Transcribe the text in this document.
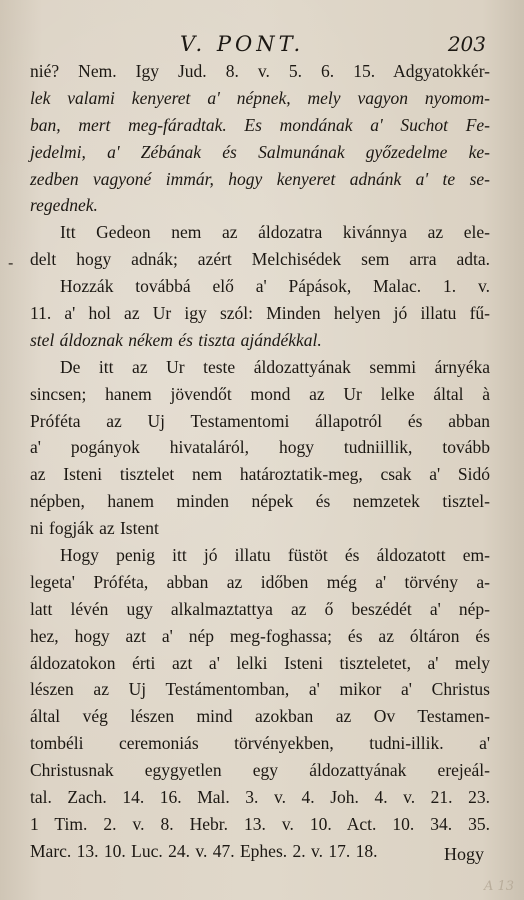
V. PONT.	203
-
nié? Nem. Igy Jud. 8. v. 5. 6. 15. Adgyatokkér-
lek valami kenyeret a' népnek, mely vagyon nyomom-
ban, mert meg-fáradtak. Es mondának a' Suchot Fe-
jedelmi, a' Zébának és Salmunának győzedelme ke-
zedben vagyoné immár, hogy kenyeret adnánk a' te se-
regednek.
Itt Gedeon nem az áldozatra kivánnya az ele-
delt hogy adnák; azért Melchisédek sem arra adta.
Hozzák továbbá elő a' Pápások, Malac. 1. v.
11. a' hol az Ur igy szól: Minden helyen jó illatu fű-
stel áldoznak nékem és tiszta ajándékkal.
De itt az Ur teste áldozattyának semmi árnyéka
sincsen; hanem jövendőt mond az Ur lelke által à
Próféta az Uj Testamentomi állapotról és abban
a' pogányok hivataláról, hogy tudniillik, tovább
az Isteni tisztelet nem határoztatik-meg, csak a' Sidó
népben, hanem minden népek és nemzetek tisztel-
ni fogják az Istent
Hogy penig itt jó illatu füstöt és áldozatott em-
legeta' Próféta, abban az időben még a' törvény a-
latt lévén ugy alkalmaztattya az ő beszédét a' nép-
hez, hogy azt a' nép meg-foghassa; és az óltáron és
áldozatokon érti azt a' lelki Isteni tiszteletet, a' mely
lészen az Uj Testámentomban, a' mikor a' Christus
által vég lészen mind azokban az Ov Testamen-
tombéli ceremoniás törvényekben, tudni-illik. a'
Christusnak egygyetlen egy áldozattyának erejeál-
tal. Zach. 14. 16. Mal. 3. v. 4. Joh. 4. v. 21. 23.
1 Tim. 2. v. 8. Hebr. 13. v. 10. Act. 10. 34. 35.
Marc. 13. 10. Luc. 24. v. 47. Ephes. 2. v. 17. 18.	Hogy
A 13
